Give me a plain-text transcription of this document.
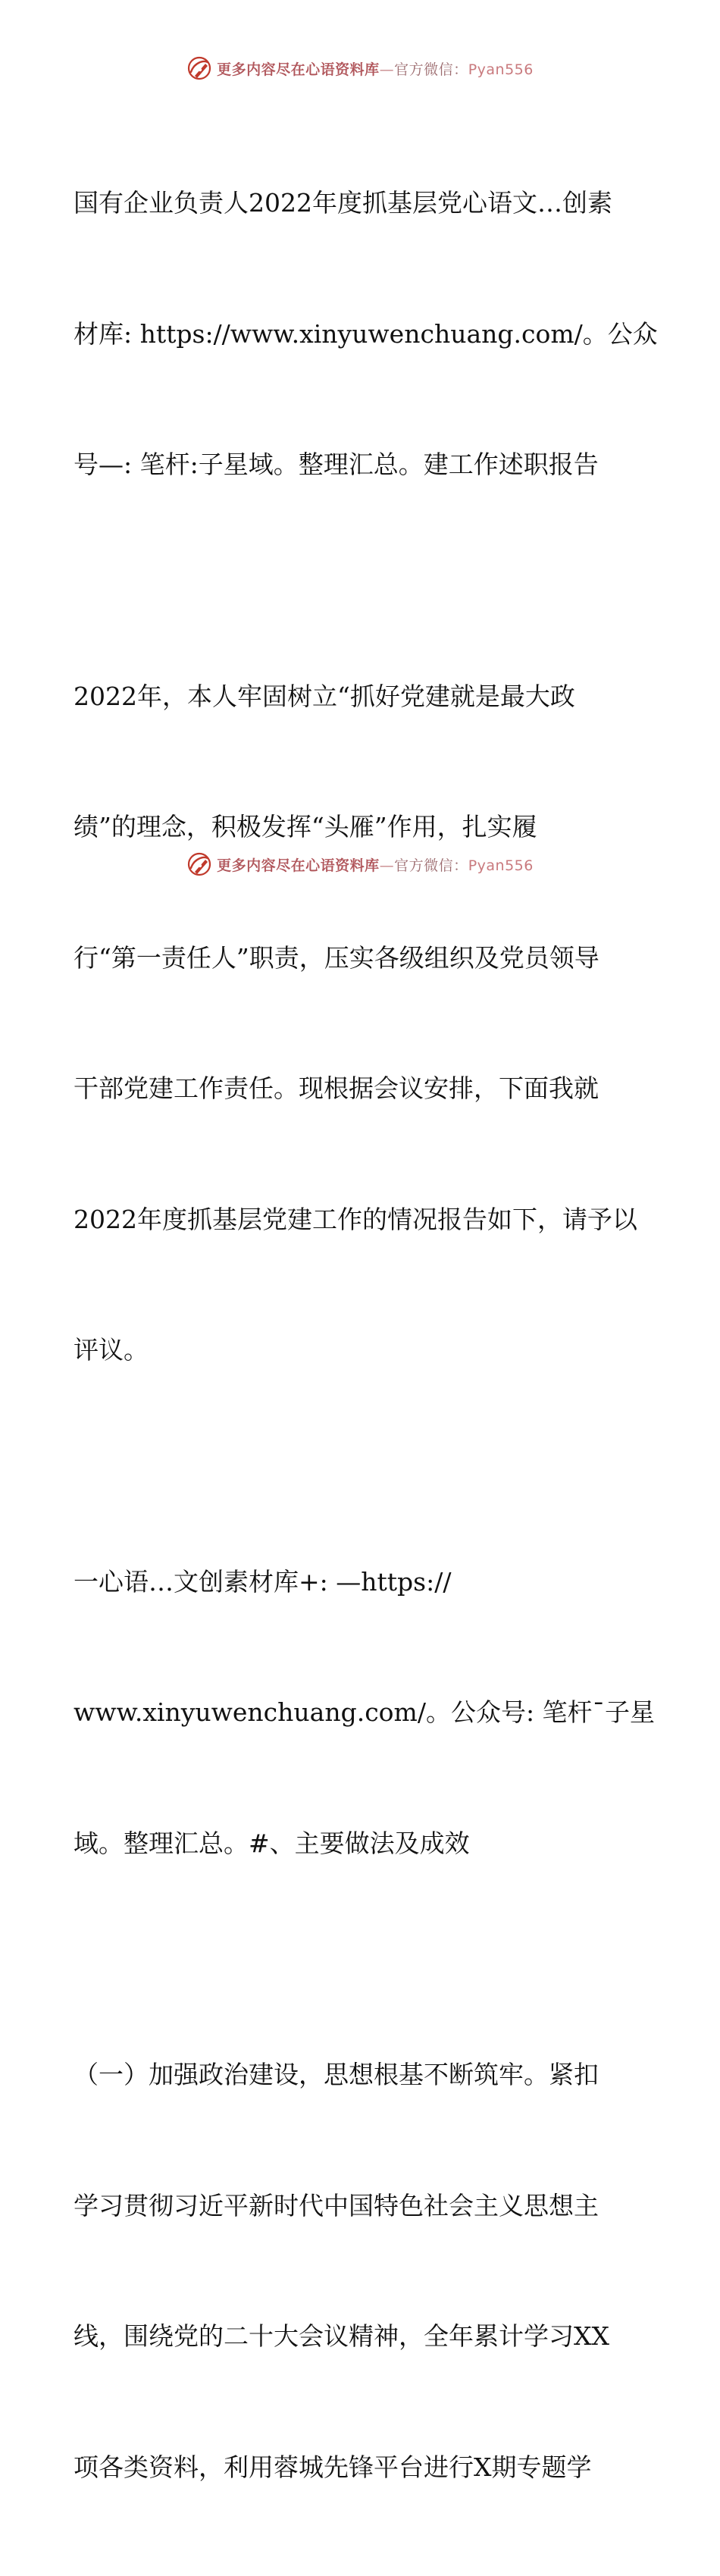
更多内容尽在心语资料库—官方微信：Pyan556

国有企业负责人2022年度抓基层党心语文…创素

材库: https://www.xinyuwenchuang.com/。公众

号—: 笔杆:子星域。整理汇总。建工作述职报告

2022年，本人牢固树立“抓好党建就是最大政

绩”的理念，积极发挥“头雁”作用，扎实履

行“第一责任人”职责，压实各级组织及党员领导

干部党建工作责任。现根据会议安排，下面我就

2022年度抓基层党建工作的情况报告如下，请予以

评议。

一心语…文创素材库+: —https://

www.xinyuwenchuang.com/。公众号: 笔杆¯子星

域。整理汇总。#、主要做法及成效

（一）加强政治建设，思想根基不断筑牢。紧扣

学习贯彻习近平新时代中国特色社会主义思想主

线，围绕党的二十大会议精神，全年累计学习XX

项各类资料，利用蓉城先锋平台进行X期专题学

更多内容尽在心语资料库—官方微信：Pyan556
